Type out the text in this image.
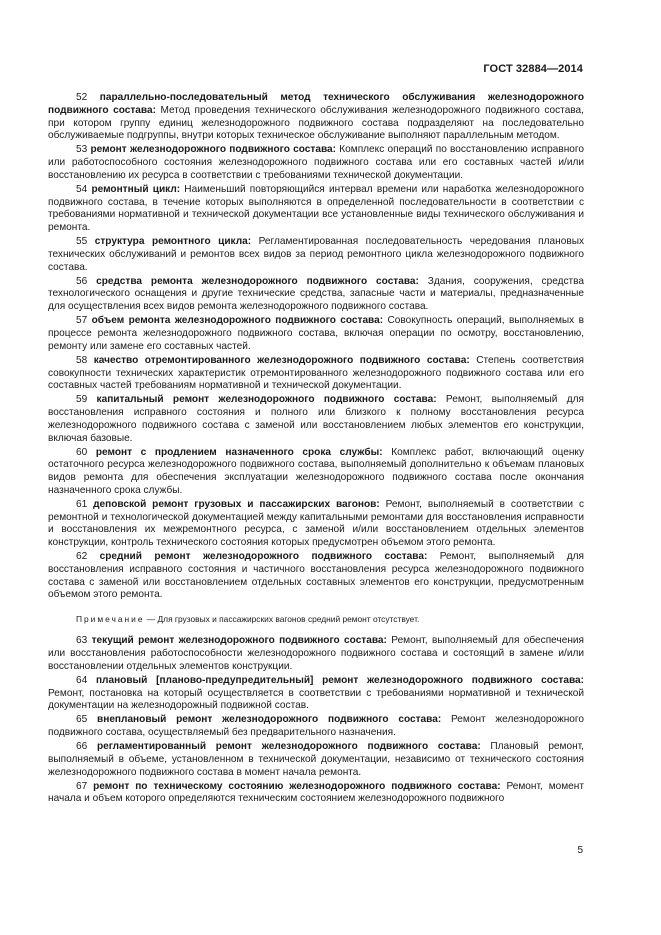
ГОСТ 32884—2014

52 параллельно-последовательный метод технического обслуживания железнодорожного подвижного состава: Метод проведения технического обслуживания железнодорожного подвижного состава, при котором группу единиц железнодорожного подвижного состава подразделяют на последовательно обслуживаемые подгруппы, внутри которых техническое обслуживание выполняют параллельным методом.

53 ремонт железнодорожного подвижного состава: Комплекс операций по восстановлению исправного или работоспособного состояния железнодорожного подвижного состава или его составных частей и/или восстановлению их ресурса в соответствии с требованиями технической документации.

54 ремонтный цикл: Наименьший повторяющийся интервал времени или наработка железнодорожного подвижного состава, в течение которых выполняются в определенной последовательности в соответствии с требованиями нормативной и технической документации все установленные виды технического обслуживания и ремонта.

55 структура ремонтного цикла: Регламентированная последовательность чередования плановых технических обслуживаний и ремонтов всех видов за период ремонтного цикла железнодорожного подвижного состава.

56 средства ремонта железнодорожного подвижного состава: Здания, сооружения, средства технологического оснащения и другие технические средства, запасные части и материалы, предназначенные для осуществления всех видов ремонта железнодорожного подвижного состава.

57 объем ремонта железнодорожного подвижного состава: Совокупность операций, выполняемых в процессе ремонта железнодорожного подвижного состава, включая операции по осмотру, восстановлению, ремонту или замене его составных частей.

58 качество отремонтированного железнодорожного подвижного состава: Степень соответствия совокупности технических характеристик отремонтированного железнодорожного подвижного состава или его составных частей требованиям нормативной и технической документации.

59 капитальный ремонт железнодорожного подвижного состава: Ремонт, выполняемый для восстановления исправного состояния и полного или близкого к полному восстановления ресурса железнодорожного подвижного состава с заменой или восстановлением любых элементов его конструкции, включая базовые.

60 ремонт с продлением назначенного срока службы: Комплекс работ, включающий оценку остаточного ресурса железнодорожного подвижного состава, выполняемый дополнительно к объемам плановых видов ремонта для обеспечения эксплуатации железнодорожного подвижного состава после окончания назначенного срока службы.

61 деповской ремонт грузовых и пассажирских вагонов: Ремонт, выполняемый в соответствии с ремонтной и технологической документацией между капитальными ремонтами для восстановления исправности и восстановления их межремонтного ресурса, с заменой и/или восстановлением отдельных элементов конструкции, контроль технического состояния которых предусмотрен объемом этого ремонта.

62 средний ремонт железнодорожного подвижного состава: Ремонт, выполняемый для восстановления исправного состояния и частичного восстановления ресурса железнодорожного подвижного состава с заменой или восстановлением отдельных составных элементов его конструкции, предусмотренным объемом этого ремонта.

Примечание — Для грузовых и пассажирских вагонов средний ремонт отсутствует.

63 текущий ремонт железнодорожного подвижного состава: Ремонт, выполняемый для обеспечения или восстановления работоспособности железнодорожного подвижного состава и состоящий в замене и/или восстановлении отдельных элементов конструкции.

64 плановый [планово-предупредительный] ремонт железнодорожного подвижного состава: Ремонт, постановка на который осуществляется в соответствии с требованиями нормативной и технической документации на железнодорожный подвижной состав.

65 внеплановый ремонт железнодорожного подвижного состава: Ремонт железнодорожного подвижного состава, осуществляемый без предварительного назначения.

66 регламентированный ремонт железнодорожного подвижного состава: Плановый ремонт, выполняемый в объеме, установленном в технической документации, независимо от технического состояния железнодорожного подвижного состава в момент начала ремонта.

67 ремонт по техническому состоянию железнодорожного подвижного состава: Ремонт, момент начала и объем которого определяются техническим состоянием железнодорожного подвижного

5
